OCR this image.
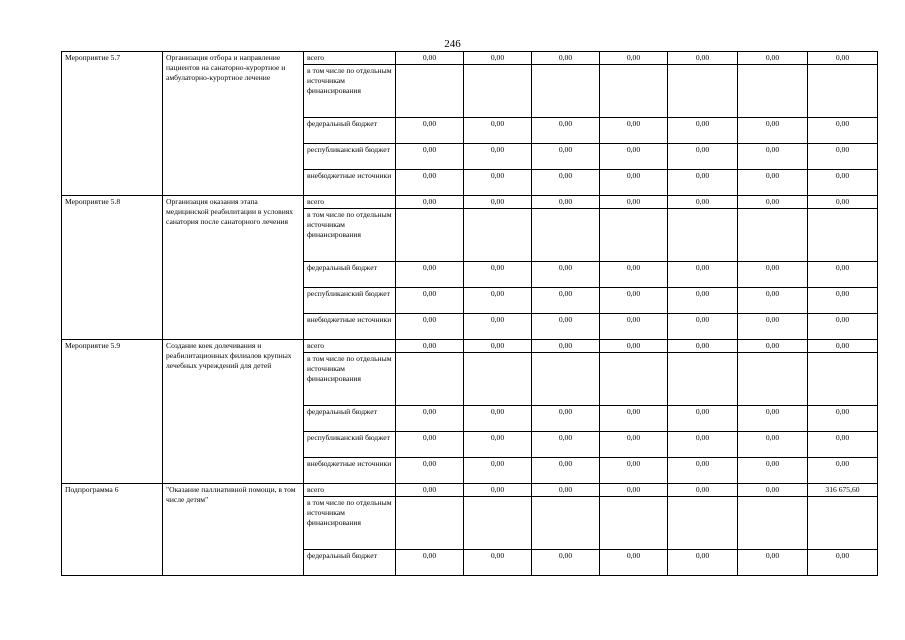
246
Мероприятие 5.7	Организация отбора и направление пациентов на санаторно-курортное и амбулаторно-курортное лечение	всего	0,00	0,00	0,00	0,00	0,00	0,00	0,00
		в том числе по отдельным источникам финансирования							
		федеральный бюджет	0,00	0,00	0,00	0,00	0,00	0,00	0,00
		республиканский бюджет	0,00	0,00	0,00	0,00	0,00	0,00	0,00
		внебюджетные источники	0,00	0,00	0,00	0,00	0,00	0,00	0,00
Мероприятие 5.8	Организация оказания этапа медицинской реабилитации в условиях санатория после санаторного лечения	всего	0,00	0,00	0,00	0,00	0,00	0,00	0,00
		в том числе по отдельным источникам финансирования							
		федеральный бюджет	0,00	0,00	0,00	0,00	0,00	0,00	0,00
		республиканский бюджет	0,00	0,00	0,00	0,00	0,00	0,00	0,00
		внебюджетные источники	0,00	0,00	0,00	0,00	0,00	0,00	0,00
Мероприятие 5.9	Создание коек долечивания и реабилитационных филиалов крупных лечебных учреждений для детей	всего	0,00	0,00	0,00	0,00	0,00	0,00	0,00
		в том числе по отдельным источникам финансирования							
		федеральный бюджет	0,00	0,00	0,00	0,00	0,00	0,00	0,00
		республиканский бюджет	0,00	0,00	0,00	0,00	0,00	0,00	0,00
		внебюджетные источники	0,00	0,00	0,00	0,00	0,00	0,00	0,00
Подпрограмма 6	"Оказание паллиативной помощи, в том числе детям"	всего	0,00	0,00	0,00	0,00	0,00	0,00	316 675,60
		в том числе по отдельным источникам финансирования							
		федеральный бюджет	0,00	0,00	0,00	0,00	0,00	0,00	0,00
